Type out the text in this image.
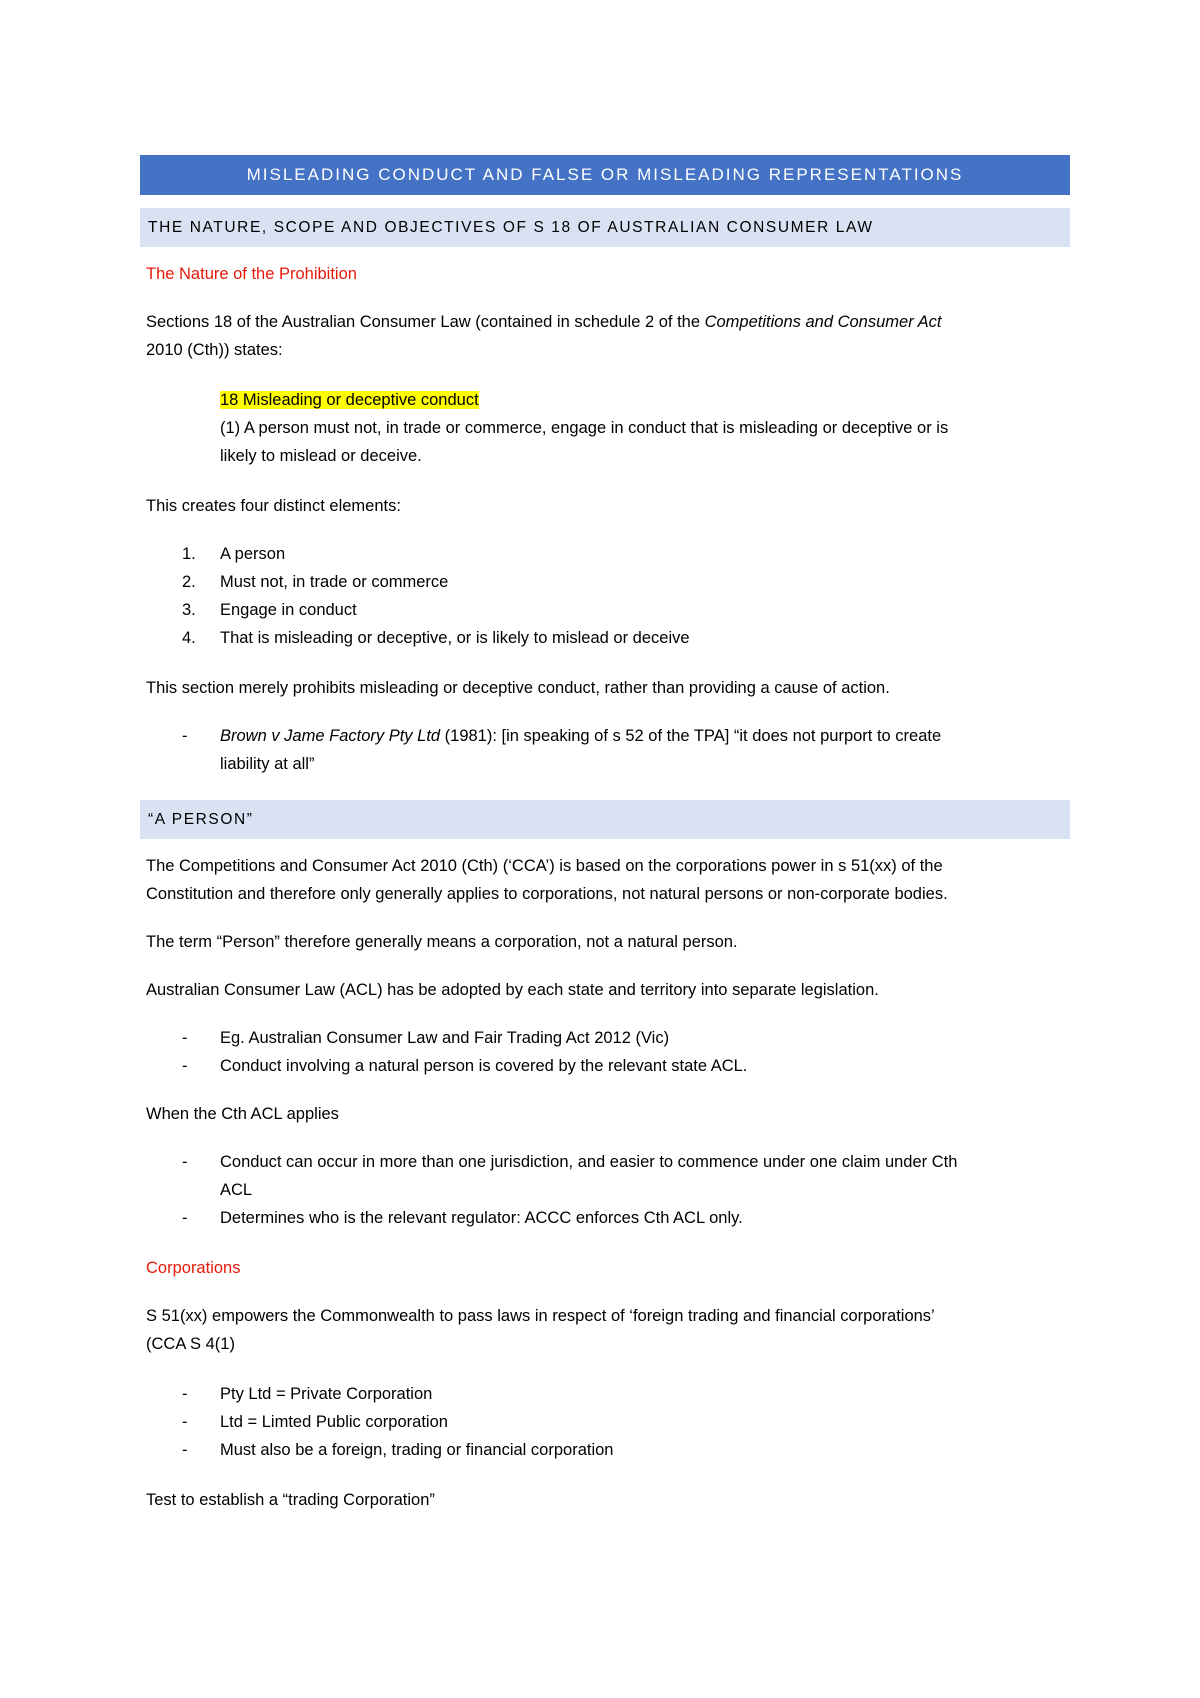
MISLEADING CONDUCT AND FALSE OR MISLEADING REPRESENTATIONS
THE NATURE, SCOPE AND OBJECTIVES OF S 18 OF AUSTRALIAN CONSUMER LAW
The Nature of the Prohibition
Sections 18 of the Australian Consumer Law (contained in schedule 2 of the Competitions and Consumer Act
2010 (Cth)) states:
18 Misleading or deceptive conduct
(1) A person must not, in trade or commerce, engage in conduct that is misleading or deceptive or is
likely to mislead or deceive.
This creates four distinct elements:
1.	A person
2.	Must not, in trade or commerce
3.	Engage in conduct
4.	That is misleading or deceptive, or is likely to mislead or deceive
This section merely prohibits misleading or deceptive conduct, rather than providing a cause of action.
- Brown v Jame Factory Pty Ltd (1981): [in speaking of s 52 of the TPA] “it does not purport to create
liability at all”
“A PERSON”
The Competitions and Consumer Act 2010 (Cth) (‘CCA’) is based on the corporations power in s 51(xx) of the
Constitution and therefore only generally applies to corporations, not natural persons or non-corporate bodies.
The term “Person” therefore generally means a corporation, not a natural person.
Australian Consumer Law (ACL) has be adopted by each state and territory into separate legislation.
- Eg. Australian Consumer Law and Fair Trading Act 2012 (Vic)
- Conduct involving a natural person is covered by the relevant state ACL.
When the Cth ACL applies
- Conduct can occur in more than one jurisdiction, and easier to commence under one claim under Cth
ACL
- Determines who is the relevant regulator: ACCC enforces Cth ACL only.
Corporations
S 51(xx) empowers the Commonwealth to pass laws in respect of ‘foreign trading and financial corporations’
(CCA S 4(1)
- Pty Ltd = Private Corporation
- Ltd = Limted Public corporation
- Must also be a foreign, trading or financial corporation
Test to establish a “trading Corporation”
